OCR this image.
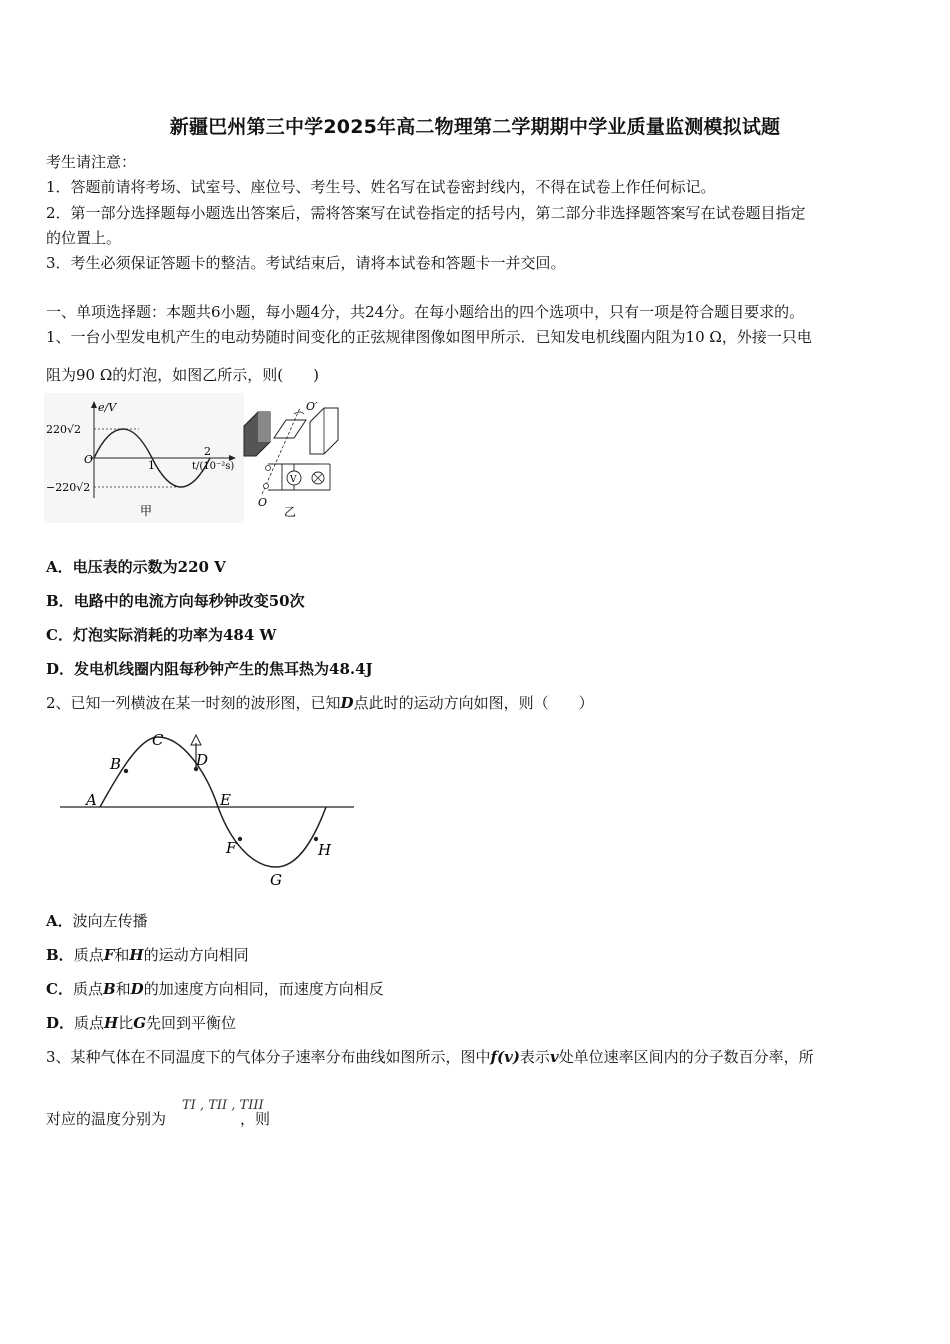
新疆巴州第三中学2025年高二物理第二学期期中学业质量监测模拟试题
考生请注意：
1．答题前请将考场、试室号、座位号、考生号、姓名写在试卷密封线内，不得在试卷上作任何标记。
2．第一部分选择题每小题选出答案后，需将答案写在试卷指定的括号内，第二部分非选择题答案写在试卷题目指定
的位置上。
3．考生必须保证答题卡的整洁。考试结束后，请将本试卷和答题卡一并交回。
一、单项选择题：本题共6小题，每小题4分，共24分。在每小题给出的四个选项中，只有一项是符合题目要求的。
1、一台小型发电机产生的电动势随时间变化的正弦规律图像如图甲所示．已知发电机线圈内阻为10 Ω，外接一只电
阻为90 Ω的灯泡，如图乙所示，则(　　)
e/V
220√2
−220√2
O	1
2
t/(10⁻²s)
甲
V
O′
O
乙
A．电压表的示数为220 V
B．电路中的电流方向每秒钟改变50次
C．灯泡实际消耗的功率为484 W
D．发电机线圈内阻每秒钟产生的焦耳热为48.4J
2、已知一列横波在某一时刻的波形图，已知D点此时的运动方向如图，则（　　）
A
B
C
D
E
F
G
H
A．波向左传播
B．质点F和H的运动方向相同
C．质点B和D的加速度方向相同，而速度方向相反
D．质点H比G先回到平衡位
3、某种气体在不同温度下的气体分子速率分布曲线如图所示，图中f(v)表示v处单位速率区间内的分子数百分率，所
对应的温度分别为	，则
TI , TII , TIII
